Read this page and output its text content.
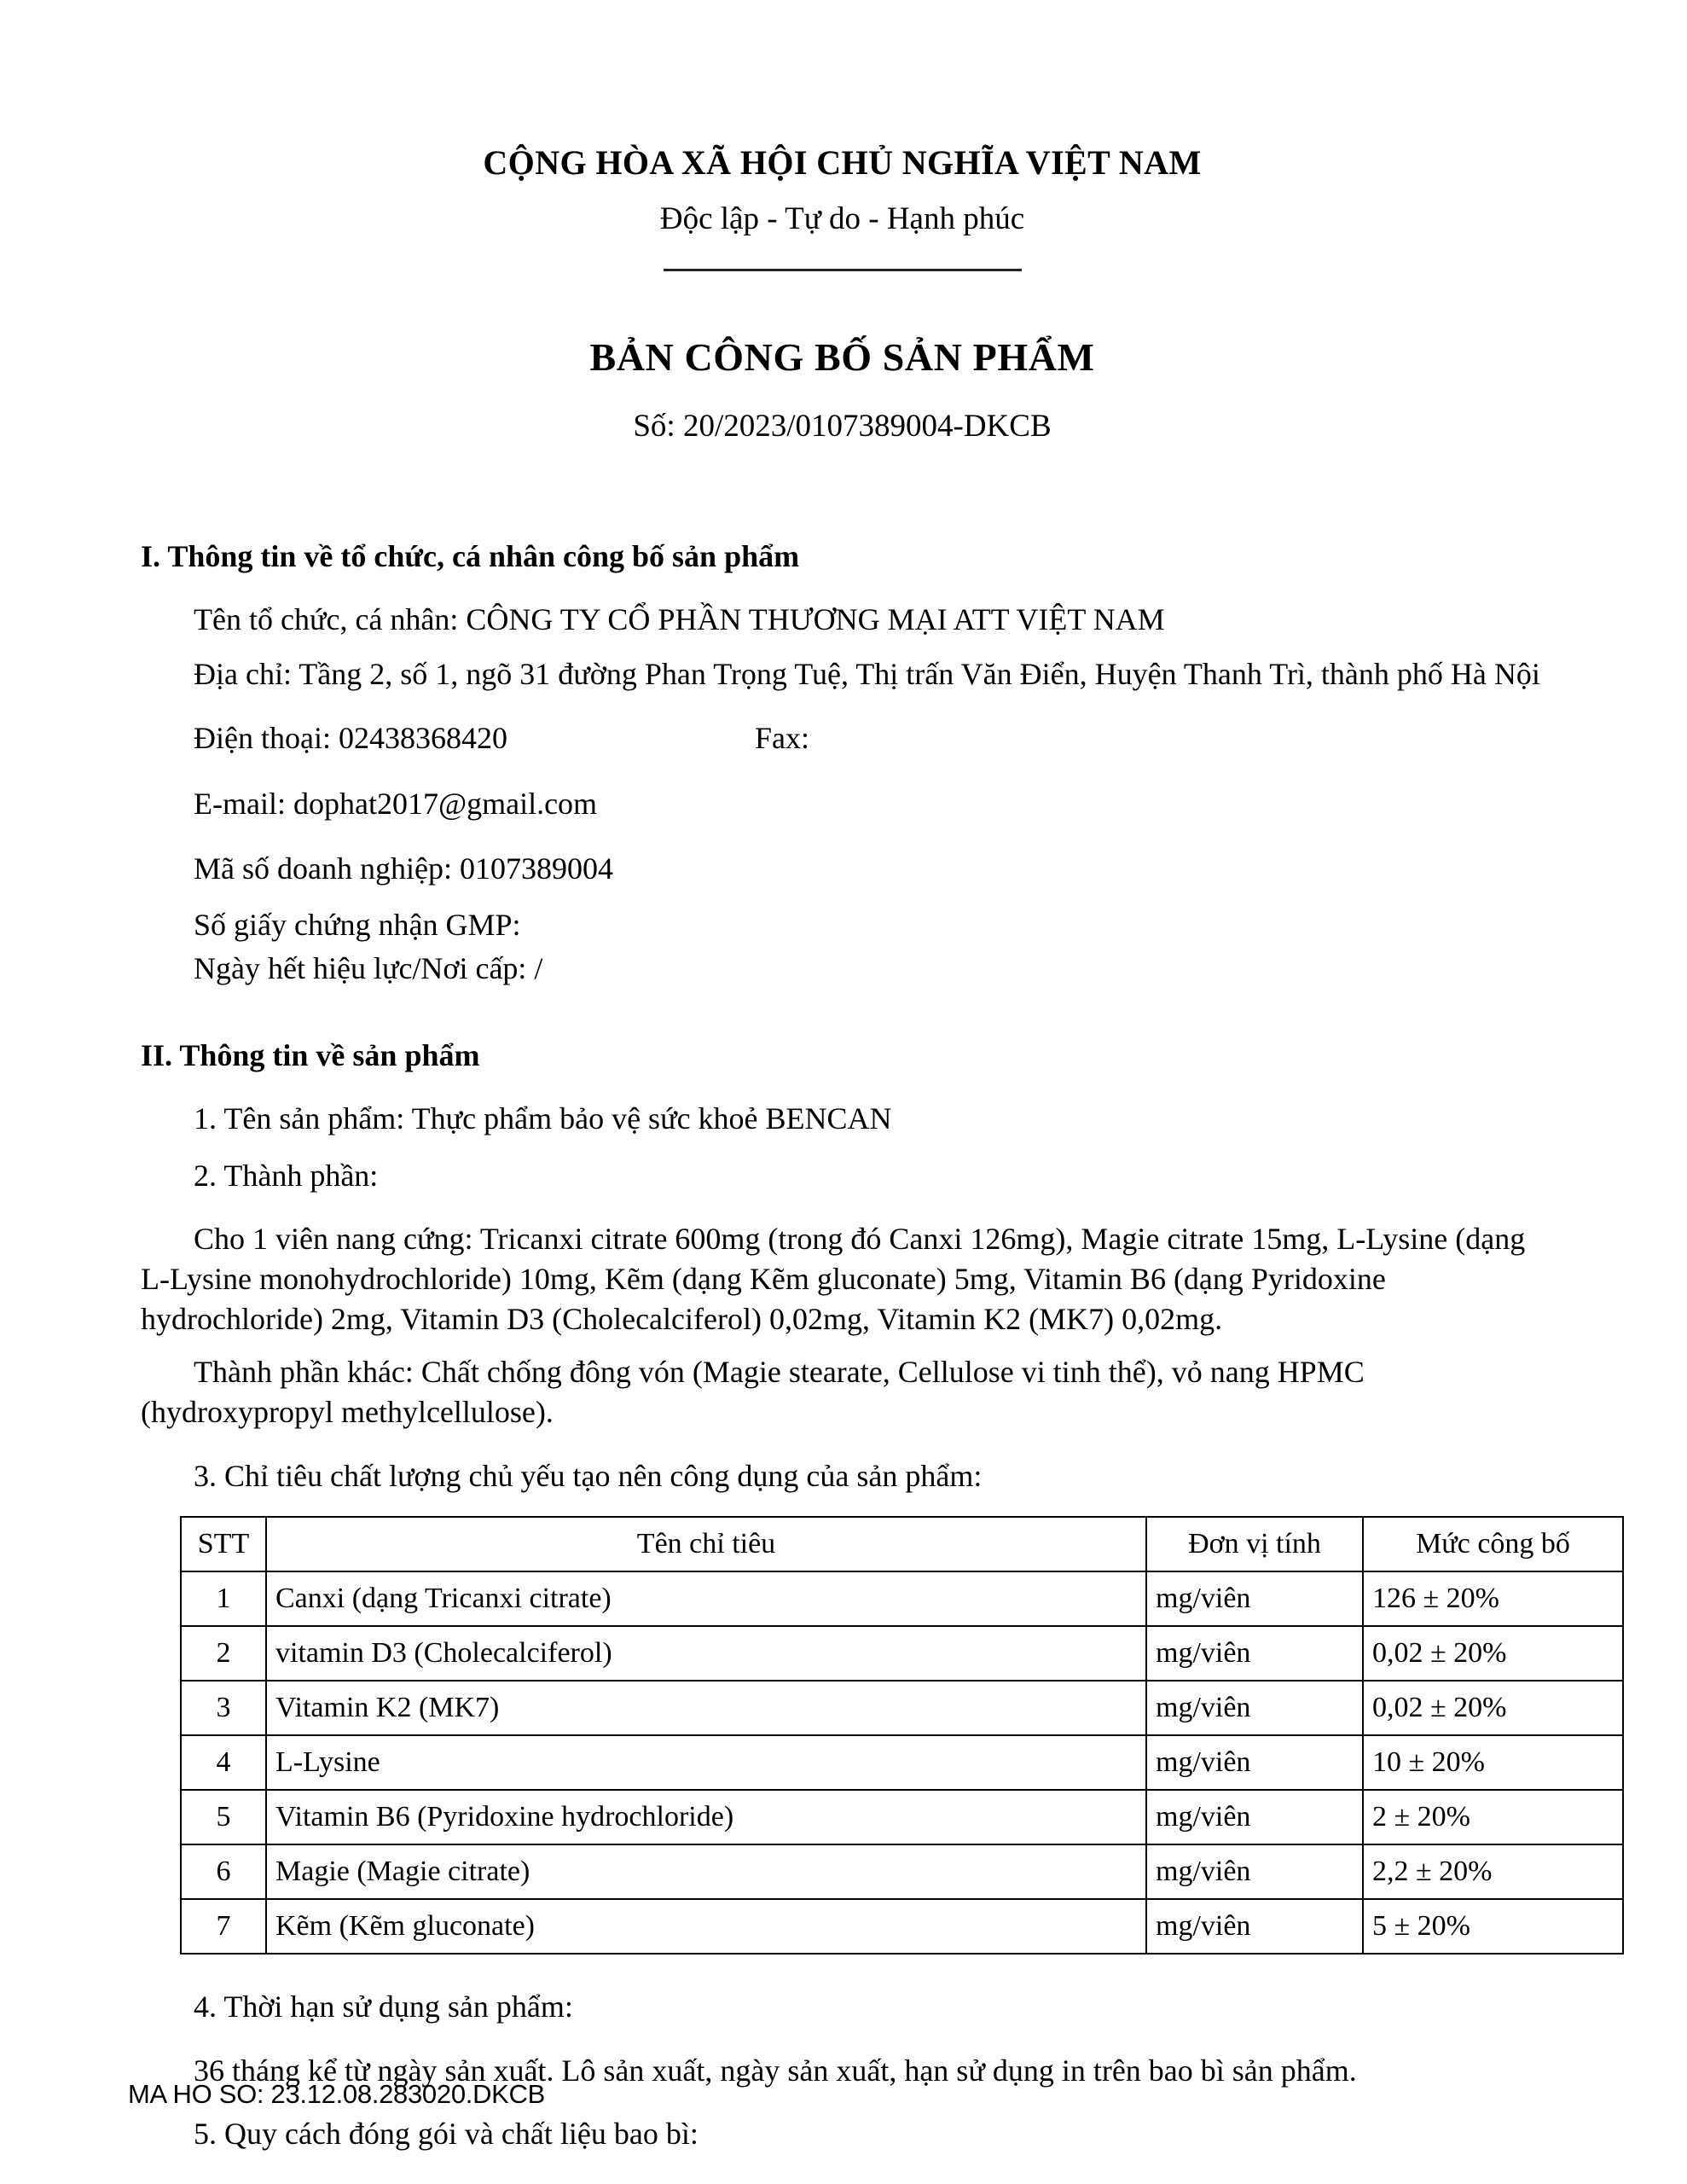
CỘNG HÒA XÃ HỘI CHỦ NGHĨA VIỆT NAM
Độc lập - Tự do - Hạnh phúc
BẢN CÔNG BỐ SẢN PHẨM
Số: 20/2023/0107389004-DKCB
I. Thông tin về tổ chức, cá nhân công bố sản phẩm
Tên tổ chức, cá nhân: CÔNG TY CỔ PHẦN THƯƠNG MẠI ATT VIỆT NAM
Địa chỉ: Tầng 2, số 1, ngõ 31 đường Phan Trọng Tuệ, Thị trấn Văn Điển, Huyện Thanh Trì, thành phố Hà Nội
Điện thoại: 02438368420	Fax:
E-mail: dophat2017@gmail.com
Mã số doanh nghiệp: 0107389004
Số giấy chứng nhận GMP:
Ngày hết hiệu lực/Nơi cấp: /
II. Thông tin về sản phẩm
1. Tên sản phẩm: Thực phẩm bảo vệ sức khoẻ BENCAN
2. Thành phần:
Cho 1 viên nang cứng: Tricanxi citrate 600mg (trong đó Canxi 126mg), Magie citrate 15mg, L-Lysine (dạng L-Lysine monohydrochloride) 10mg, Kẽm (dạng Kẽm gluconate) 5mg, Vitamin B6 (dạng Pyridoxine hydrochloride) 2mg, Vitamin D3 (Cholecalciferol) 0,02mg, Vitamin K2 (MK7) 0,02mg.
Thành phần khác: Chất chống đông vón (Magie stearate, Cellulose vi tinh thể), vỏ nang HPMC (hydroxypropyl methylcellulose).
3. Chỉ tiêu chất lượng chủ yếu tạo nên công dụng của sản phẩm:
STT	Tên chỉ tiêu	Đơn vị tính	Mức công bố
1	Canxi (dạng Tricanxi citrate)	mg/viên	126 ± 20%
2	vitamin D3 (Cholecalciferol)	mg/viên	0,02 ± 20%
3	Vitamin K2 (MK7)	mg/viên	0,02 ± 20%
4	L-Lysine	mg/viên	10 ± 20%
5	Vitamin B6 (Pyridoxine hydrochloride)	mg/viên	2 ± 20%
6	Magie (Magie citrate)	mg/viên	2,2 ± 20%
7	Kẽm (Kẽm gluconate)	mg/viên	5 ± 20%
4. Thời hạn sử dụng sản phẩm:
36 tháng kể từ ngày sản xuất. Lô sản xuất, ngày sản xuất, hạn sử dụng in trên bao bì sản phẩm.
5. Quy cách đóng gói và chất liệu bao bì:
MA HO SO: 23.12.08.283020.DKCB
